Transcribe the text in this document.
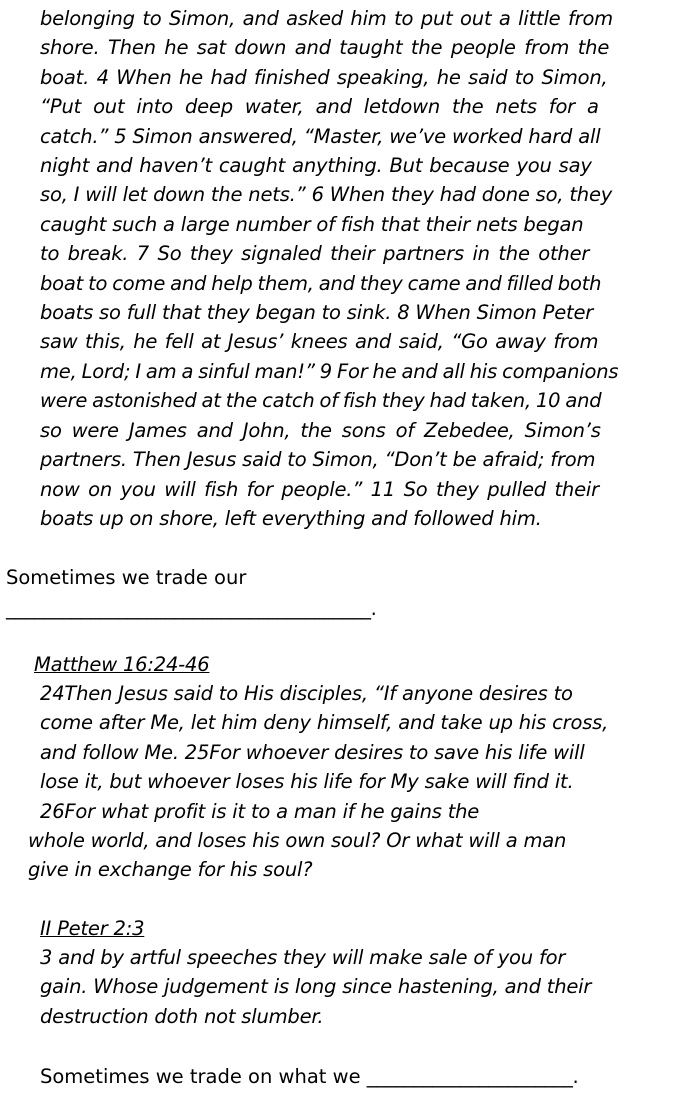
belonging to Simon, and asked him to put out a little from
shore. Then he sat down and taught the people from the
boat. 4 When he had finished speaking, he said to Simon,
“Put out into deep water, and letdown the nets for a
catch.” 5 Simon answered, “Master, we’ve worked hard all
night and haven’t caught anything. But because you say
so, I will let down the nets.” 6 When they had done so, they
caught such a large number of fish that their nets began
to break. 7 So they signaled their partners in the other
boat to come and help them, and they came and filled both
boats so full that they began to sink. 8 When Simon Peter
saw this, he fell at Jesus’ knees and said, “Go away from
me, Lord; I am a sinful man!” 9 For he and all his companions
were astonished at the catch of fish they had taken, 10 and
so were James and John, the sons of Zebedee, Simon’s
partners. Then Jesus said to Simon, “Don’t be afraid; from
now on you will fish for people.” 11 So they pulled their
boats up on shore, left everything and followed him.
Sometimes we trade our
_______________________________________.
Matthew 16:24-46
24Then Jesus said to His disciples, “If anyone desires to
come after Me, let him deny himself, and take up his cross,
and follow Me. 25For whoever desires to save his life will
lose it, but whoever loses his life for My sake will find it.
26For what profit is it to a man if he gains the
whole world, and loses his own soul? Or what will a man
give in exchange for his soul?
II Peter 2:3
3 and by artful speeches they will make sale of you for
gain. Whose judgement is long since hastening, and their
destruction doth not slumber.
Sometimes we trade on what we ______________________.
